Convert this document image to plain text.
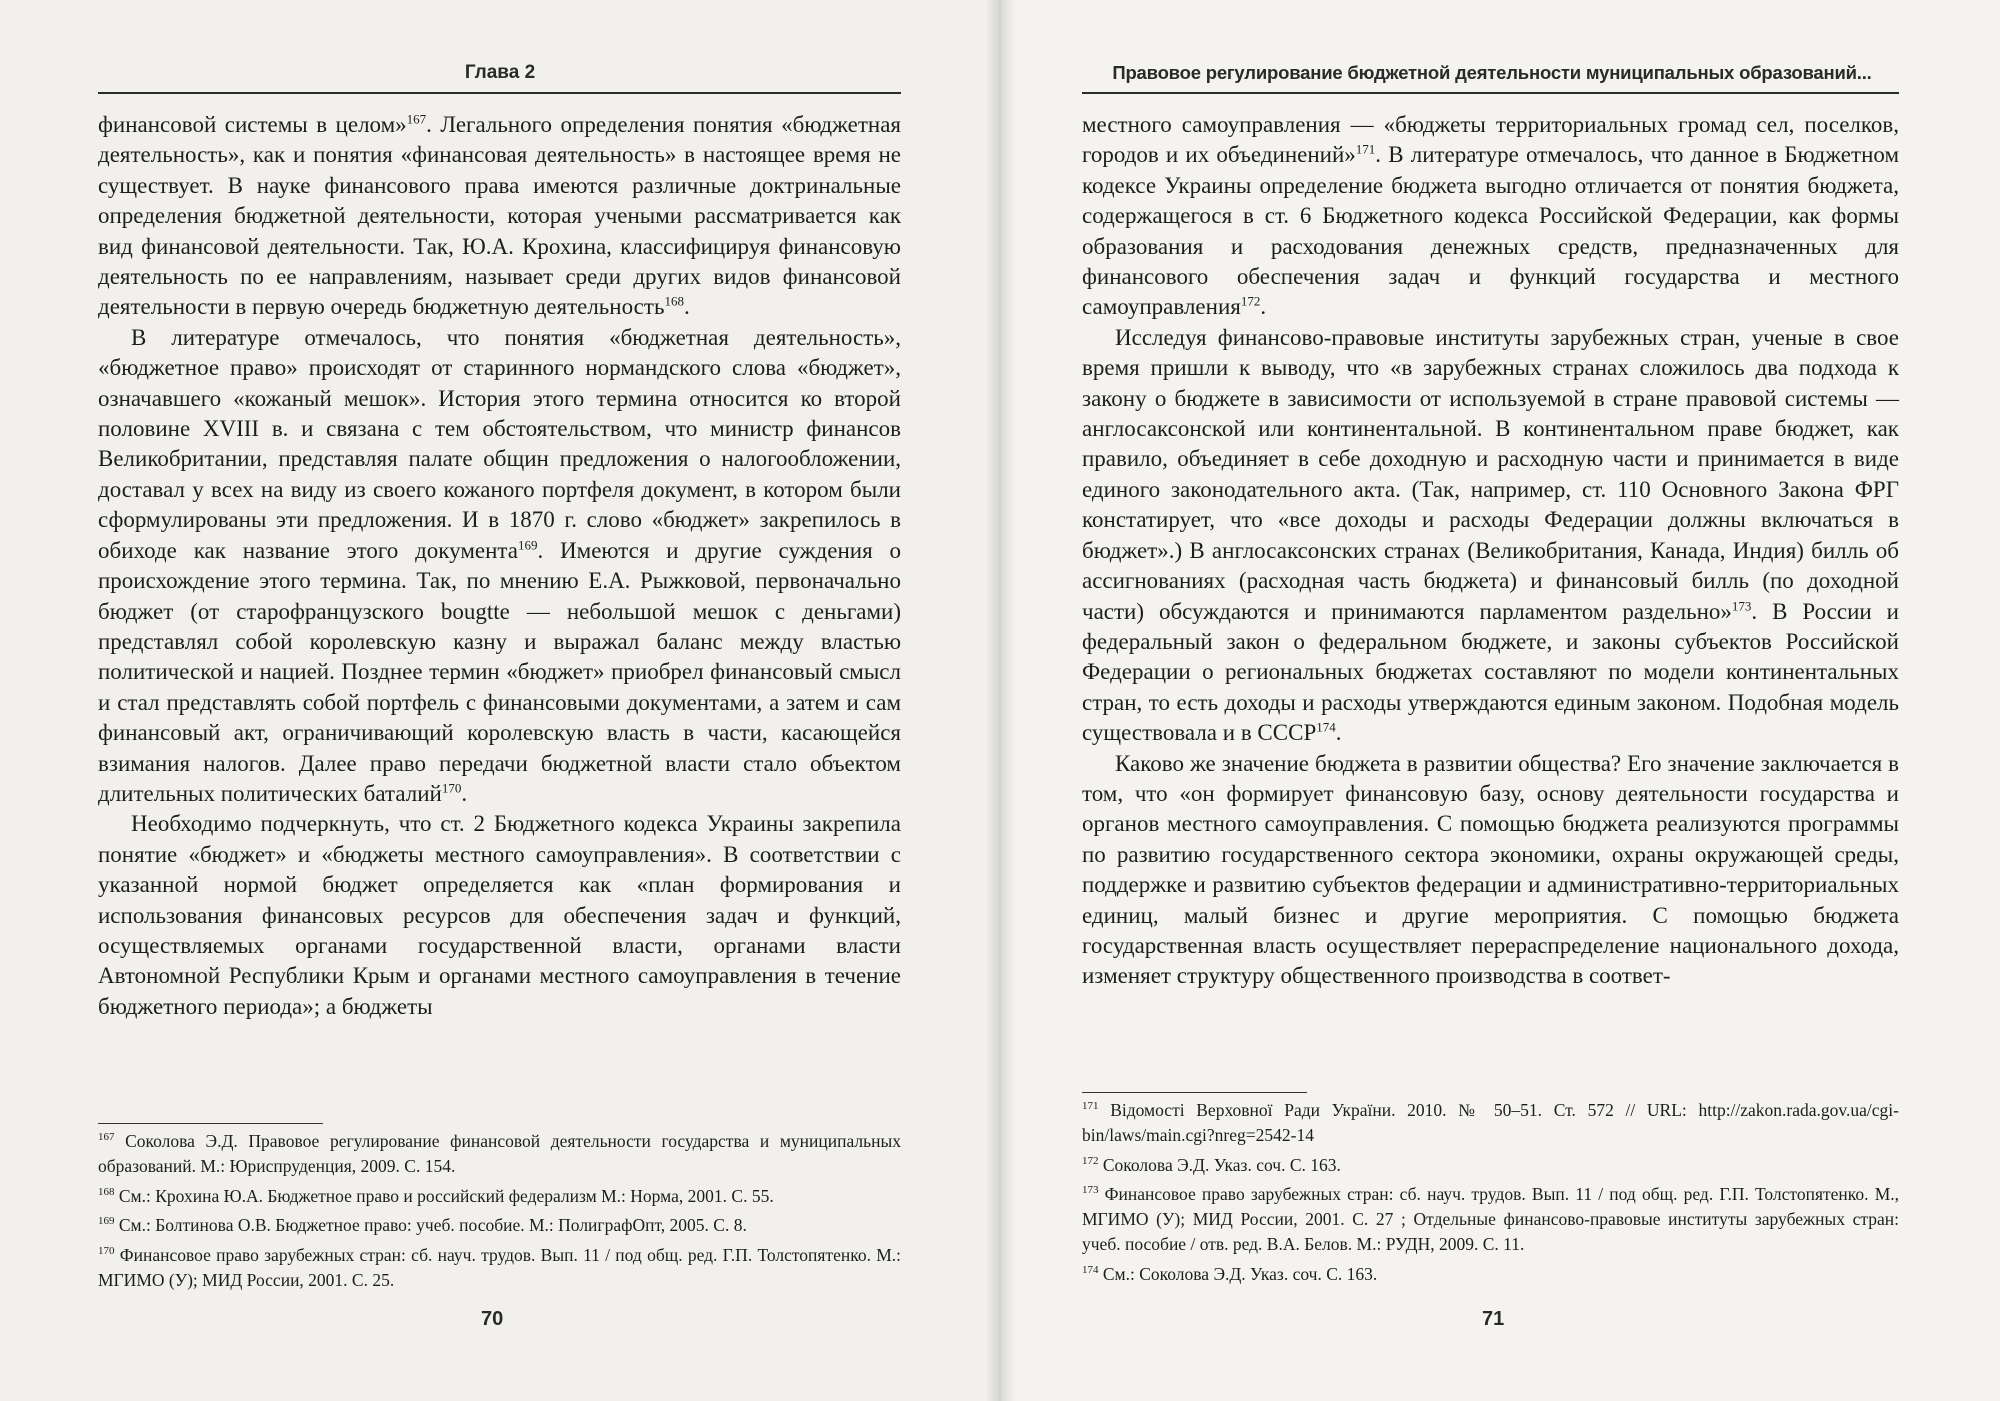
Глава 2

финансовой системы в целом»$^{167}$. Легального определения понятия «бюджетная деятельность», как и понятия «финансовая деятельность» в настоящее время не существует. В науке финансового права имеются различные доктринальные определения бюджетной деятельности, которая учеными рассматривается как вид финансовой деятельности. Так, Ю.А. Крохина, классифицируя финансовую деятельность по ее направлениям, называет среди других видов финансовой деятельности в первую очередь бюджетную деятельность$^{168}$.

В литературе отмечалось, что понятия «бюджетная деятельность», «бюджетное право» происходят от старинного нормандского слова «бюджет», означавшего «кожаный мешок». История этого термина относится ко второй половине XVIII в. и связана с тем обстоятельством, что министр финансов Великобритании, представляя палате общин предложения о налогообложении, доставал у всех на виду из своего кожаного портфеля документ, в котором были сформулированы эти предложения. И в 1870 г. слово «бюджет» закрепилось в обиходе как название этого документа$^{169}$. Имеются и другие суждения о происхождение этого термина. Так, по мнению Е.А. Рыжковой, первоначально бюджет (от старофранцузского bougtte — небольшой мешок с деньгами) представлял собой королевскую казну и выражал баланс между властью политической и нацией. Позднее термин «бюджет» приобрел финансовый смысл и стал представлять собой портфель с финансовыми документами, а затем и сам финансовый акт, ограничивающий королевскую власть в части, касающейся взимания налогов. Далее право передачи бюджетной власти стало объектом длительных политических баталий$^{170}$.

Необходимо подчеркнуть, что ст. 2 Бюджетного кодекса Украины закрепила понятие «бюджет» и «бюджеты местного самоуправления». В соответствии с указанной нормой бюджет определяется как «план формирования и использования финансовых ресурсов для обеспечения задач и функций, осуществляемых органами государственной власти, органами власти Автономной Республики Крым и органами местного самоуправления в течение бюджетного периода»; а бюджеты

$^{167}$ Соколова Э.Д. Правовое регулирование финансовой деятельности государства и муниципальных образований. М.: Юриспруденция, 2009. С. 154.

$^{168}$ См.: Крохина Ю.А. Бюджетное право и российский федерализм М.: Норма, 2001. С. 55.

$^{169}$ См.: Болтинова О.В. Бюджетное право: учеб. пособие. М.: ПолиграфОпт, 2005. С. 8.

$^{170}$ Финансовое право зарубежных стран: сб. науч. трудов. Вып. 11 / под общ. ред. Г.П. Толстопятенко. М.: МГИМО (У); МИД России, 2001. С. 25.

70
Правовое регулирование бюджетной деятельности муниципальных образований...

местного самоуправления — «бюджеты территориальных громад сел, поселков, городов и их объединений»$^{171}$. В литературе отмечалось, что данное в Бюджетном кодексе Украины определение бюджета выгодно отличается от понятия бюджета, содержащегося в ст. 6 Бюджетного кодекса Российской Федерации, как формы образования и расходования денежных средств, предназначенных для финансового обеспечения задач и функций государства и местного самоуправления$^{172}$.

Исследуя финансово-правовые институты зарубежных стран, ученые в свое время пришли к выводу, что «в зарубежных странах сложилось два подхода к закону о бюджете в зависимости от используемой в стране правовой системы — англосаксонской или континентальной. В континентальном праве бюджет, как правило, объединяет в себе доходную и расходную части и принимается в виде единого законодательного акта. (Так, например, ст. 110 Основного Закона ФРГ констатирует, что «все доходы и расходы Федерации должны включаться в бюджет».) В англосаксонских странах (Великобритания, Канада, Индия) билль об ассигнованиях (расходная часть бюджета) и финансовый билль (по доходной части) обсуждаются и принимаются парламентом раздельно»$^{173}$. В России и федеральный закон о федеральном бюджете, и законы субъектов Российской Федерации о региональных бюджетах составляют по модели континентальных стран, то есть доходы и расходы утверждаются единым законом. Подобная модель существовала и в СССР$^{174}$.

Каково же значение бюджета в развитии общества? Его значение заключается в том, что «он формирует финансовую базу, основу деятельности государства и органов местного самоуправления. С помощью бюджета реализуются программы по развитию государственного сектора экономики, охраны окружающей среды, поддержке и развитию субъектов федерации и административно-территориальных единиц, малый бизнес и другие мероприятия. С помощью бюджета государственная власть осуществляет перераспределение национального дохода, изменяет структуру общественного производства в соответ-

$^{171}$ Відомості Верховної Ради України. 2010. № 50–51. Ст. 572 // URL: http://zakon.rada.gov.ua/cgi-bin/laws/main.cgi?nreg=2542-14

$^{172}$ Соколова Э.Д. Указ. соч. С. 163.

$^{173}$ Финансовое право зарубежных стран: сб. науч. трудов. Вып. 11 / под общ. ред. Г.П. Толстопятенко. М., МГИМО (У); МИД России, 2001. С. 27 ; Отдельные финансово-правовые институты зарубежных стран: учеб. пособие / отв. ред. В.А. Белов. М.: РУДН, 2009. С. 11.

$^{174}$ См.: Соколова Э.Д. Указ. соч. С. 163.

71
